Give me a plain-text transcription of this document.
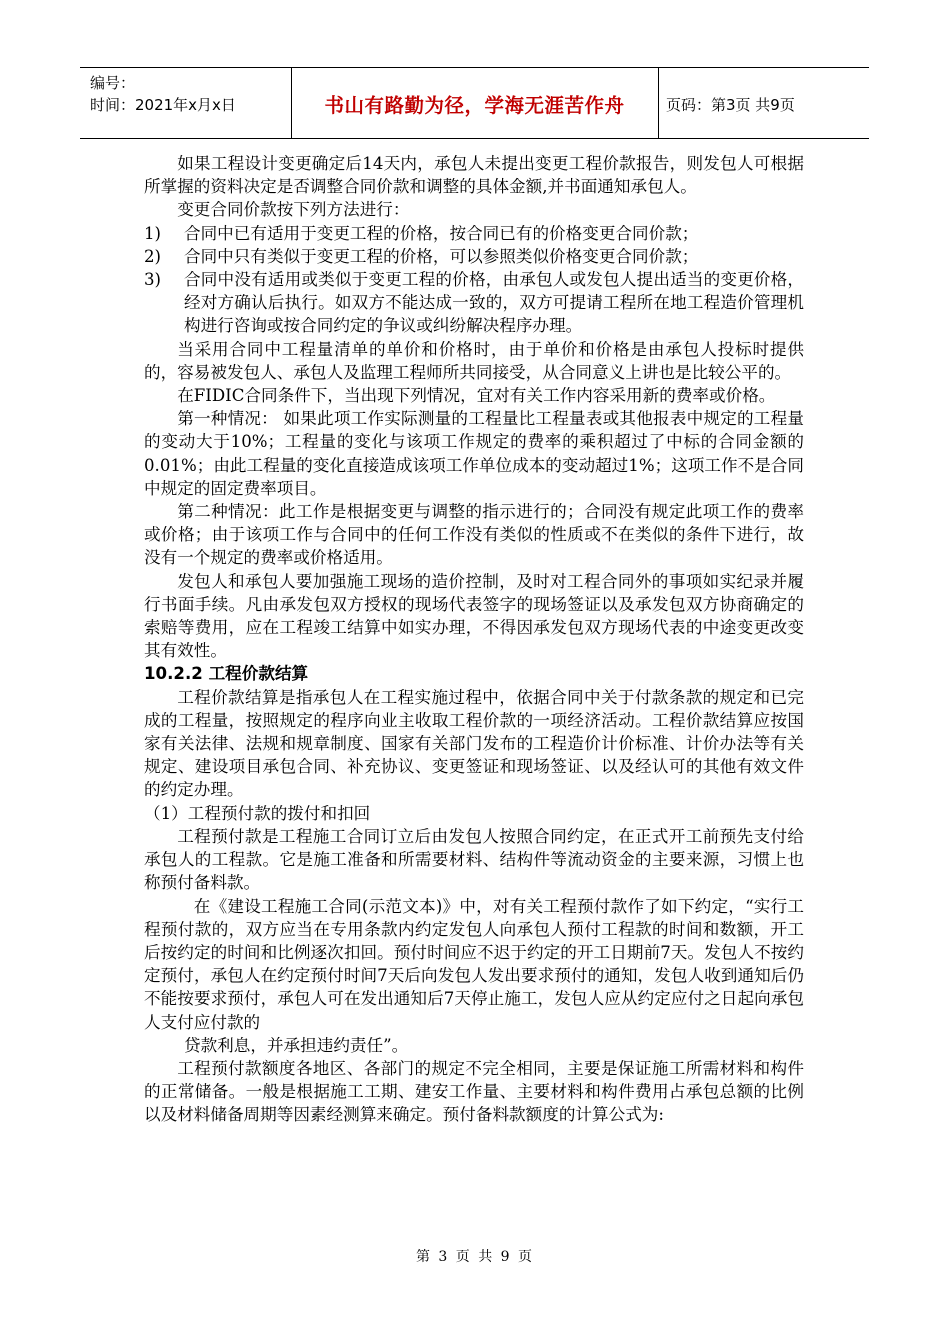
编号：
时间：2021年x月x日	书山有路勤为径，学海无涯苦作舟	页码：第3页 共9页

如果工程设计变更确定后14天内，承包人未提出变更工程价款报告，则发包人可根据所掌握的资料决定是否调整合同价款和调整的具体金额,并书面通知承包人。

变更合同价款按下列方法进行：

1)	合同中已有适用于变更工程的价格，按合同已有的价格变更合同价款；
2)	合同中只有类似于变更工程的价格，可以参照类似价格变更合同价款；
3)	合同中没有适用或类似于变更工程的价格，由承包人或发包人提出适当的变更价格，经对方确认后执行。如双方不能达成一致的，双方可提请工程所在地工程造价管理机构进行咨询或按合同约定的争议或纠纷解决程序办理。

当采用合同中工程量清单的单价和价格时，由于单价和价格是由承包人投标时提供的，容易被发包人、承包人及监理工程师所共同接受，从合同意义上讲也是比较公平的。

在FIDIC合同条件下，当出现下列情况，宜对有关工作内容采用新的费率或价格。

第一种情况： 如果此项工作实际测量的工程量比工程量表或其他报表中规定的工程量的变动大于10%；工程量的变化与该项工作规定的费率的乘积超过了中标的合同金额的0.01%；由此工程量的变化直接造成该项工作单位成本的变动超过1%；这项工作不是合同中规定的固定费率项目。

第二种情况：此工作是根据变更与调整的指示进行的；合同没有规定此项工作的费率或价格；由于该项工作与合同中的任何工作没有类似的性质或不在类似的条件下进行，故没有一个规定的费率或价格适用。

发包人和承包人要加强施工现场的造价控制，及时对工程合同外的事项如实纪录并履行书面手续。凡由承发包双方授权的现场代表签字的现场签证以及承发包双方协商确定的索赔等费用，应在工程竣工结算中如实办理，不得因承发包双方现场代表的中途变更改变其有效性。

10.2.2 工程价款结算

工程价款结算是指承包人在工程实施过程中，依据合同中关于付款条款的规定和已完成的工程量，按照规定的程序向业主收取工程价款的一项经济活动。工程价款结算应按国家有关法律、法规和规章制度、国家有关部门发布的工程造价计价标准、计价办法等有关规定、建设项目承包合同、补充协议、变更签证和现场签证、以及经认可的其他有效文件的约定办理。

（1）工程预付款的拨付和扣回

工程预付款是工程施工合同订立后由发包人按照合同约定，在正式开工前预先支付给承包人的工程款。它是施工准备和所需要材料、结构件等流动资金的主要来源，习惯上也称预付备料款。

在《建设工程施工合同(示范文本)》中，对有关工程预付款作了如下约定，“实行工程预付款的，双方应当在专用条款内约定发包人向承包人预付工程款的时间和数额，开工后按约定的时间和比例逐次扣回。预付时间应不迟于约定的开工日期前7天。发包人不按约定预付，承包人在约定预付时间7天后向发包人发出要求预付的通知，发包人收到通知后仍不能按要求预付，承包人可在发出通知后7天停止施工，发包人应从约定应付之日起向承包人支付应付款的

贷款利息，并承担违约责任”。

工程预付款额度各地区、各部门的规定不完全相同，主要是保证施工所需材料和构件的正常储备。一般是根据施工工期、建安工作量、主要材料和构件费用占承包总额的比例以及材料储备周期等因素经测算来确定。预付备料款额度的计算公式为:

第 3 页 共 9 页
